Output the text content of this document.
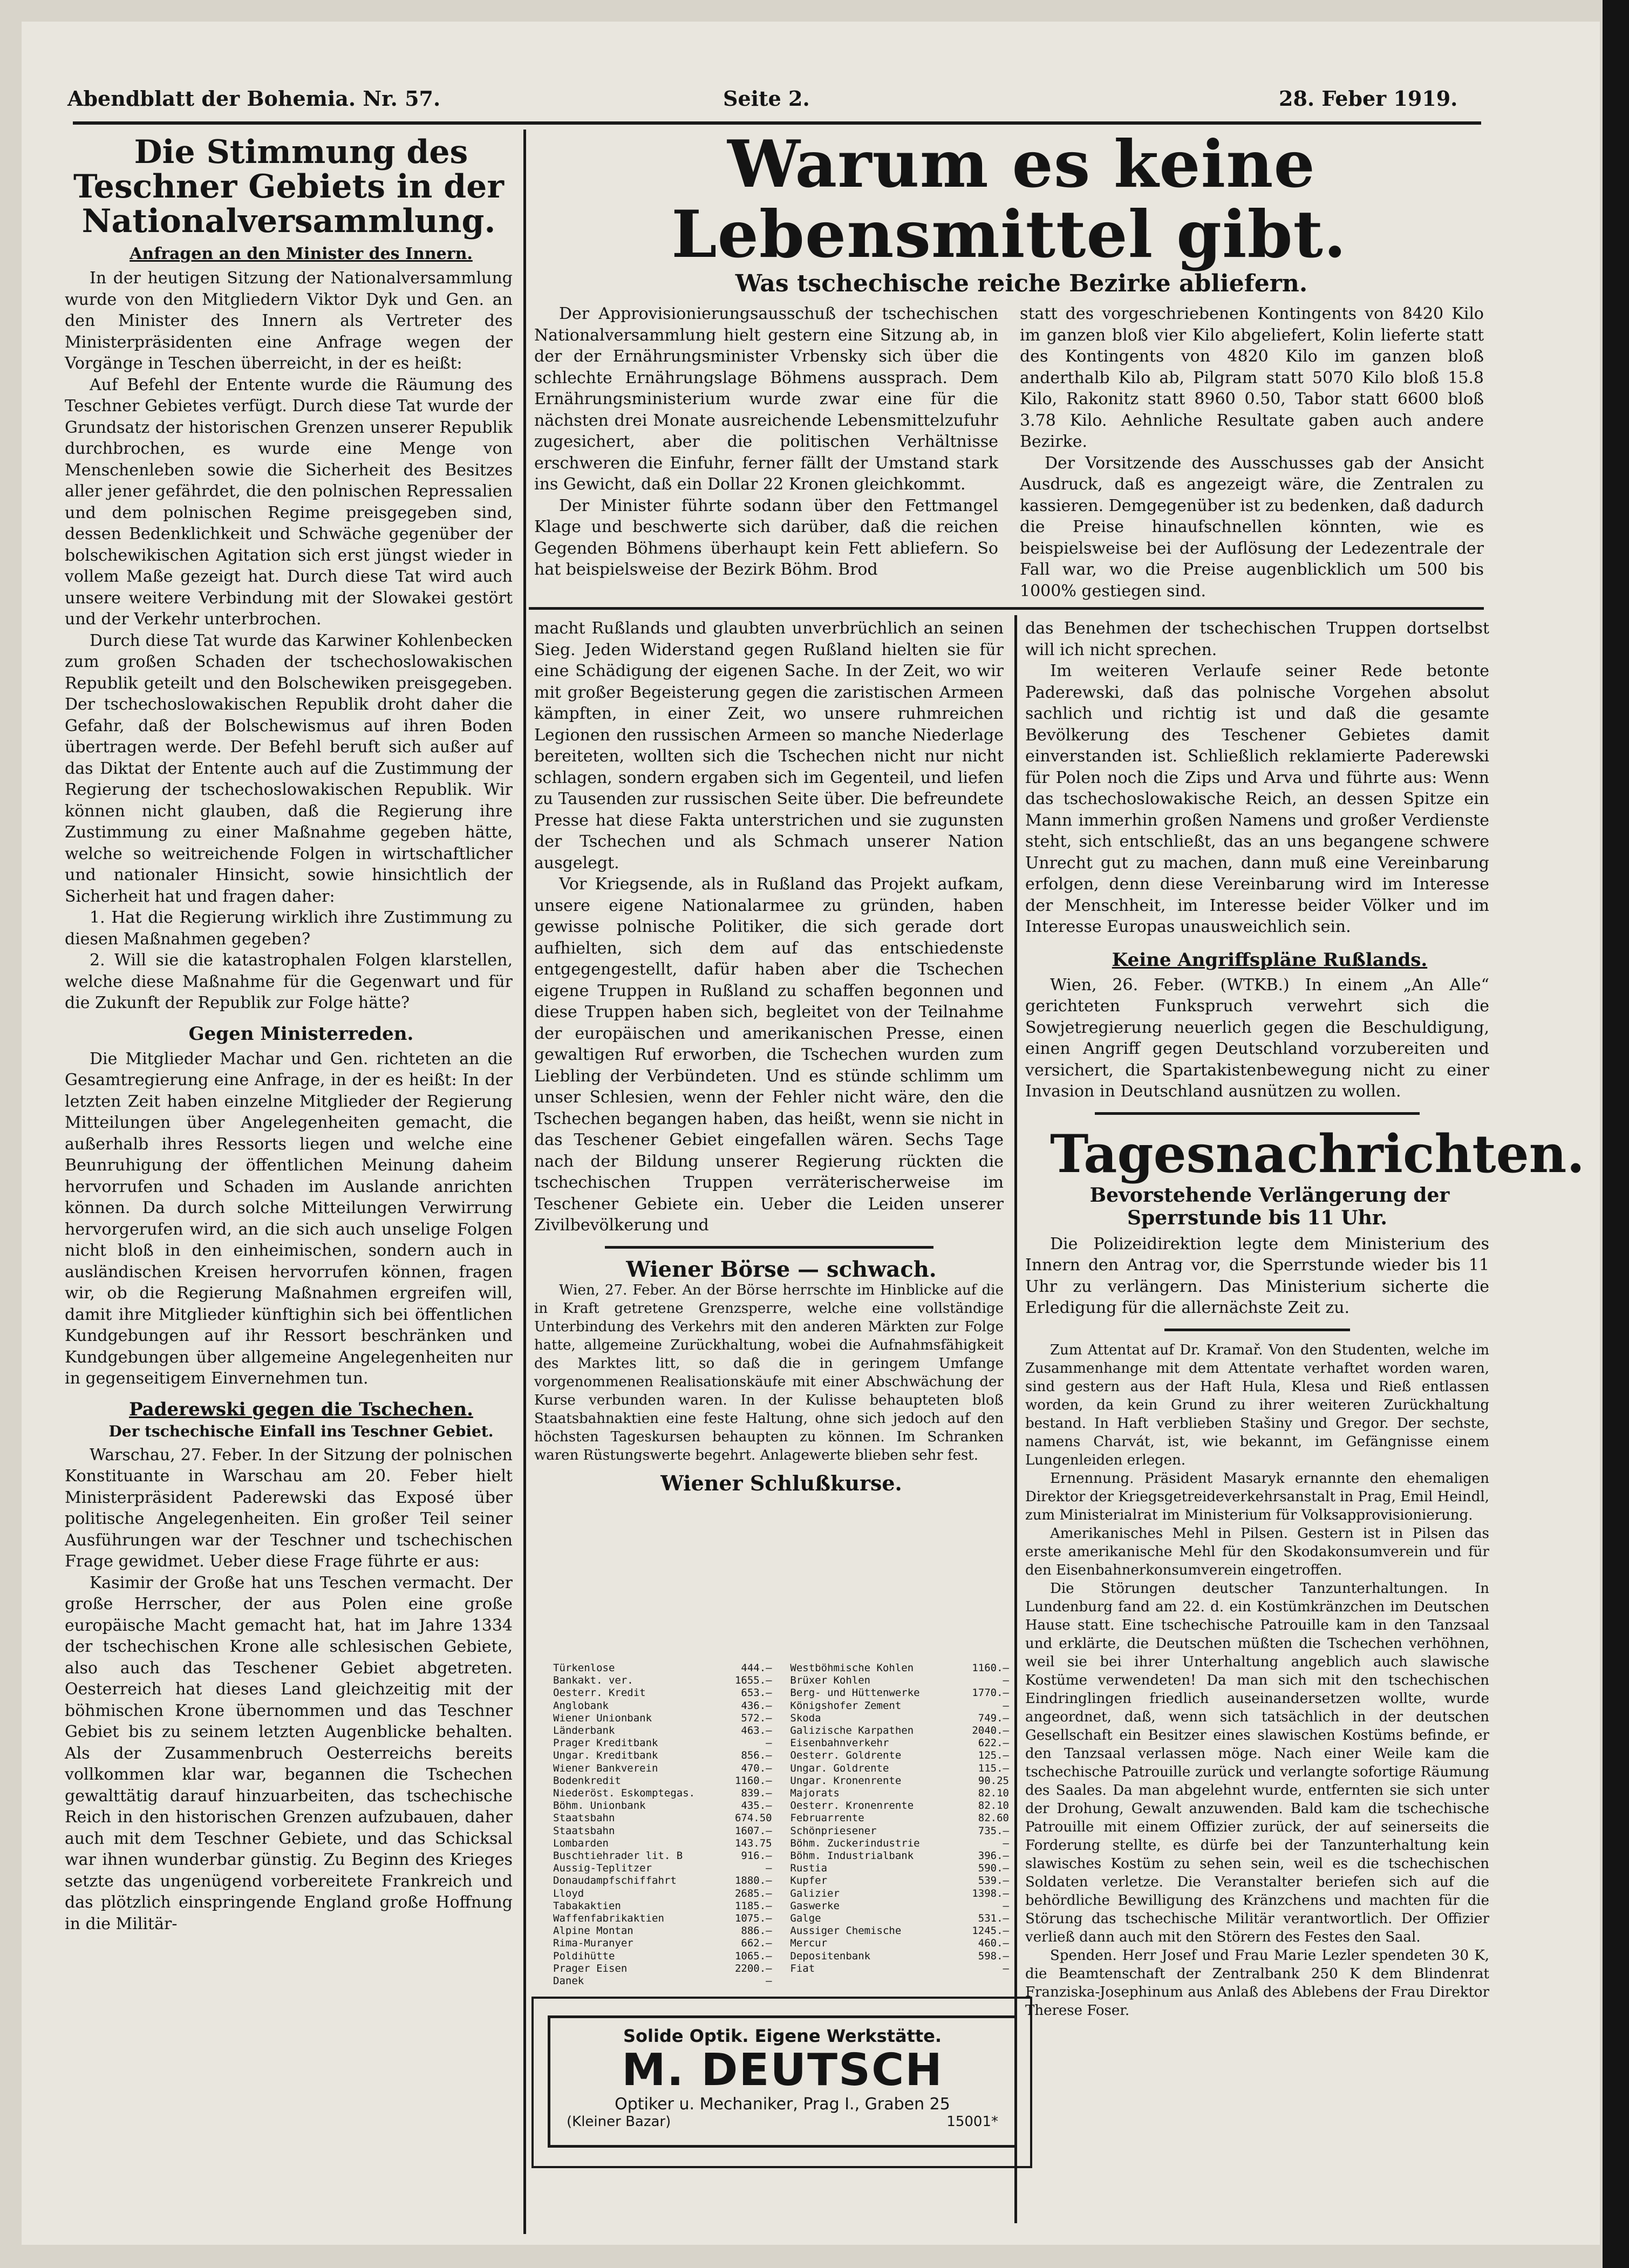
Abendblatt der Bohemia. Nr. 57.	Seite 2.	28. Feber 1919.

Die Stimmung des Teschner Gebiets in der Nationalversammlung.

Anfragen an den Minister des Innern.

In der heutigen Sitzung der Nationalversammlung wurde von den Mitgliedern Viktor Dyk und Gen. an den Minister des Innern als Vertreter des Ministerpräsidenten eine Anfrage wegen der Vorgänge in Teschen überreicht, in der es heißt:

Auf Befehl der Entente wurde die Räumung des Teschner Gebietes verfügt. Durch diese Tat wurde der Grundsatz der historischen Grenzen unserer Republik durchbrochen, es wurde eine Menge von Menschenleben sowie die Sicherheit des Besitzes aller jener gefährdet, die den polnischen Repressalien und dem polnischen Regime preisgegeben sind, dessen Bedenklichkeit und Schwäche gegenüber der bolschewikischen Agitation sich erst jüngst wieder in vollem Maße gezeigt hat. Durch diese Tat wird auch unsere weitere Verbindung mit der Slowakei gestört und der Verkehr unterbrochen.

Durch diese Tat wurde das Karwiner Kohlenbecken zum großen Schaden der tschechoslowakischen Republik geteilt und den Bolschewiken preisgegeben. Der tschechoslowakischen Republik droht daher die Gefahr, daß der Bolschewismus auf ihren Boden übertragen werde. Der Befehl beruft sich außer auf das Diktat der Entente auch auf die Zustimmung der Regierung der tschechoslowakischen Republik. Wir können nicht glauben, daß die Regierung ihre Zustimmung zu einer Maßnahme gegeben hätte, welche so weitreichende Folgen in wirtschaftlicher und nationaler Hinsicht, sowie hinsichtlich der Sicherheit hat und fragen daher:

1. Hat die Regierung wirklich ihre Zustimmung zu diesen Maßnahmen gegeben?

2. Will sie die katastrophalen Folgen klarstellen, welche diese Maßnahme für die Gegenwart und für die Zukunft der Republik zur Folge hätte?

Gegen Ministerreden.

Die Mitglieder Machar und Gen. richteten an die Gesamtregierung eine Anfrage, in der es heißt: In der letzten Zeit haben einzelne Mitglieder der Regierung Mitteilungen über Angelegenheiten gemacht, die außerhalb ihres Ressorts liegen und welche eine Beunruhigung der öffentlichen Meinung daheim hervorrufen und Schaden im Auslande anrichten können. Da durch solche Mitteilungen Verwirrung hervorgerufen wird, an die sich auch unselige Folgen nicht bloß in den einheimischen, sondern auch in ausländischen Kreisen hervorrufen können, fragen wir, ob die Regierung Maßnahmen ergreifen will, damit ihre Mitglieder künftighin sich bei öffentlichen Kundgebungen auf ihr Ressort beschränken und Kundgebungen über allgemeine Angelegenheiten nur in gegenseitigem Einvernehmen tun.

Paderewski gegen die Tschechen.

Der tschechische Einfall ins Teschner Gebiet.

Warschau, 27. Feber. In der Sitzung der polnischen Konstituante in Warschau am 20. Feber hielt Ministerpräsident Paderewski das Exposé über politische Angelegenheiten. Ein großer Teil seiner Ausführungen war der Teschner und tschechischen Frage gewidmet. Ueber diese Frage führte er aus:

Kasimir der Große hat uns Teschen vermacht. Der große Herrscher, der aus Polen eine große europäische Macht gemacht hat, hat im Jahre 1334 der tschechischen Krone alle schlesischen Gebiete, also auch das Teschener Gebiet abgetreten. Oesterreich hat dieses Land gleichzeitig mit der böhmischen Krone übernommen und das Teschner Gebiet bis zu seinem letzten Augenblicke behalten. Als der Zusammenbruch Oesterreichs bereits vollkommen klar war, begannen die Tschechen gewalttätig darauf hinzuarbeiten, das tschechische Reich in den historischen Grenzen aufzubauen, daher auch mit dem Teschner Gebiete, und das Schicksal war ihnen wunderbar günstig. Zu Beginn des Krieges setzte das ungenügend vorbereitete Frankreich und das plötzlich einspringende England große Hoffnung in die Militär-

Warum es keine Lebensmittel gibt.

Was tschechische reiche Bezirke abliefern.

Der Approvisionierungsausschuß der tschechischen Nationalversammlung hielt gestern eine Sitzung ab, in der der Ernährungsminister Vrbensky sich über die schlechte Ernährungslage Böhmens aussprach. Dem Ernährungsministerium wurde zwar eine für die nächsten drei Monate ausreichende Lebensmittelzufuhr zugesichert, aber die politischen Verhältnisse erschweren die Einfuhr, ferner fällt der Umstand stark ins Gewicht, daß ein Dollar 22 Kronen gleichkommt.

Der Minister führte sodann über den Fettmangel Klage und beschwerte sich darüber, daß die reichen Gegenden Böhmens überhaupt kein Fett abliefern. So hat beispielsweise der Bezirk Böhm. Brod

statt des vorgeschriebenen Kontingents von 8420 Kilo im ganzen bloß vier Kilo abgeliefert, Kolin lieferte statt des Kontingents von 4820 Kilo im ganzen bloß anderthalb Kilo ab, Pilgram statt 5070 Kilo bloß 15.8 Kilo, Rakonitz statt 8960 0.50, Tabor statt 6600 bloß 3.78 Kilo. Aehnliche Resultate gaben auch andere Bezirke.

Der Vorsitzende des Ausschusses gab der Ansicht Ausdruck, daß es angezeigt wäre, die Zentralen zu kassieren. Demgegenüber ist zu bedenken, daß dadurch die Preise hinaufschnellen könnten, wie es beispielsweise bei der Auflösung der Ledezentrale der Fall war, wo die Preise augenblicklich um 500 bis 1000% gestiegen sind.

macht Rußlands und glaubten unverbrüchlich an seinen Sieg. Jeden Widerstand gegen Rußland hielten sie für eine Schädigung der eigenen Sache. In der Zeit, wo wir mit großer Begeisterung gegen die zaristischen Armeen kämpften, in einer Zeit, wo unsere ruhmreichen Legionen den russischen Armeen so manche Niederlage bereiteten, wollten sich die Tschechen nicht nur nicht schlagen, sondern ergaben sich im Gegenteil, und liefen zu Tausenden zur russischen Seite über. Die befreundete Presse hat diese Fakta unterstrichen und sie zugunsten der Tschechen und als Schmach unserer Nation ausgelegt.

Vor Kriegsende, als in Rußland das Projekt aufkam, unsere eigene Nationalarmee zu gründen, haben gewisse polnische Politiker, die sich gerade dort aufhielten, sich dem auf das entschiedenste entgegengestellt, dafür haben aber die Tschechen eigene Truppen in Rußland zu schaffen begonnen und diese Truppen haben sich, begleitet von der Teilnahme der europäischen und amerikanischen Presse, einen gewaltigen Ruf erworben, die Tschechen wurden zum Liebling der Verbündeten. Und es stünde schlimm um unser Schlesien, wenn der Fehler nicht wäre, den die Tschechen begangen haben, das heißt, wenn sie nicht in das Teschener Gebiet eingefallen wären. Sechs Tage nach der Bildung unserer Regierung rückten die tschechischen Truppen verräterischerweise im Teschener Gebiete ein. Ueber die Leiden unserer Zivilbevölkerung und

Wiener Börse — schwach.

Wien, 27. Feber. An der Börse herrschte im Hinblicke auf die in Kraft getretene Grenzsperre, welche eine vollständige Unterbindung des Verkehrs mit den anderen Märkten zur Folge hatte, allgemeine Zurückhaltung, wobei die Aufnahmsfähigkeit des Marktes litt, so daß die in geringem Umfange vorgenommenen Realisationskäufe mit einer Abschwächung der Kurse verbunden waren. In der Kulisse behaupteten bloß Staatsbahnaktien eine feste Haltung, ohne sich jedoch auf den höchsten Tageskursen behaupten zu können. Im Schranken waren Rüstungswerte begehrt. Anlagewerte blieben sehr fest.

Wiener Schlußkurse.

Türkenlose	444.— Westböhmische Kohlen	1160.—
Bankakt. ver.	1655.— Brüxer Kohlen	—
Oesterr. Kredit	653.— Berg- und Hüttenwerke	1770.—
Anglobank	436.— Königshofer Zement	—
Wiener Unionbank	572.— Skoda	749.—
Länderbank	463.— Galizische Karpathen	2040.—
Prager Kreditbank	— Eisenbahnverkehr	622.—
Ungar. Kreditbank	856.— Oesterr. Goldrente	125.—
Wiener Bankverein	470.— Ungar. Goldrente	115.—
Bodenkredit	1160.— Ungar. Kronenrente	90.25
Niederöst. Eskomptegas.	839.— Majorats	82.10
Böhm. Unionbank	435.— Oesterr. Kronenrente	82.10
Staatsbahn	674.50 Februarrente	82.60
Staatsbahn	1607.— Schönpriesener	735.—
Lombarden	143.75 Böhm. Zuckerindustrie	—
Buschtiehrader lit. B	916.— Böhm. Industrialbank	396.—
Aussig-Teplitzer	— Rustia	590.—
Donaudampfschiffahrt	1880.— Kupfer	539.—
Lloyd	2685.— Galizier	1398.—
Tabakaktien	1185.— Gaswerke	—
Waffenfabrikaktien	1075.— Galge	531.—
Alpine Montan	886.— Aussiger Chemische	1245.—
Rima-Muranyer	662.— Mercur	460.—
Poldihütte	1065.— Depositenbank	598.—
Prager Eisen	2200.— Fiat	—
Danek	—
Solide Optik. Eigene Werkstätte.
M. DEUTSCH
Optiker u. Mechaniker, Prag I., Graben 25
(Kleiner Bazar)	15001*

das Benehmen der tschechischen Truppen dortselbst will ich nicht sprechen.

Im weiteren Verlaufe seiner Rede betonte Paderewski, daß das polnische Vorgehen absolut sachlich und richtig ist und daß die gesamte Bevölkerung des Teschener Gebietes damit einverstanden ist. Schließlich reklamierte Paderewski für Polen noch die Zips und Arva und führte aus: Wenn das tschechoslowakische Reich, an dessen Spitze ein Mann immerhin großen Namens und großer Verdienste steht, sich entschließt, das an uns begangene schwere Unrecht gut zu machen, dann muß eine Vereinbarung erfolgen, denn diese Vereinbarung wird im Interesse der Menschheit, im Interesse beider Völker und im Interesse Europas unausweichlich sein.

Keine Angriffspläne Rußlands.

Wien, 26. Feber. (WTKB.) In einem „An Alle“ gerichteten Funkspruch verwehrt sich die Sowjetregierung neuerlich gegen die Beschuldigung, einen Angriff gegen Deutschland vorzubereiten und versichert, die Spartakistenbewegung nicht zu einer Invasion in Deutschland ausnützen zu wollen.

Tagesnachrichten.

Bevorstehende Verlängerung der Sperrstunde bis 11 Uhr.

Die Polizeidirektion legte dem Ministerium des Innern den Antrag vor, die Sperrstunde wieder bis 11 Uhr zu verlängern. Das Ministerium sicherte die Erledigung für die allernächste Zeit zu.

Zum Attentat auf Dr. Kramař. Von den Studenten, welche im Zusammenhange mit dem Attentate verhaftet worden waren, sind gestern aus der Haft Hula, Klesa und Rieß entlassen worden, da kein Grund zu ihrer weiteren Zurückhaltung bestand. In Haft verblieben Stašiny und Gregor. Der sechste, namens Charvát, ist, wie bekannt, im Gefängnisse einem Lungenleiden erlegen.

Ernennung. Präsident Masaryk ernannte den ehemaligen Direktor der Kriegsgetreideverkehrsanstalt in Prag, Emil Heindl, zum Ministerialrat im Ministerium für Volksapprovisionierung.

Amerikanisches Mehl in Pilsen. Gestern ist in Pilsen das erste amerikanische Mehl für den Skodakonsumverein und für den Eisenbahnerkonsumverein eingetroffen.

Die Störungen deutscher Tanzunterhaltungen. In Lundenburg fand am 22. d. ein Kostümkränzchen im Deutschen Hause statt. Eine tschechische Patrouille kam in den Tanzsaal und erklärte, die Deutschen müßten die Tschechen verhöhnen, weil sie bei ihrer Unterhaltung angeblich auch slawische Kostüme verwendeten! Da man sich mit den tschechischen Eindringlingen friedlich auseinandersetzen wollte, wurde angeordnet, daß, wenn sich tatsächlich in der deutschen Gesellschaft ein Besitzer eines slawischen Kostüms befinde, er den Tanzsaal verlassen möge. Nach einer Weile kam die tschechische Patrouille zurück und verlangte sofortige Räumung des Saales. Da man abgelehnt wurde, entfernten sie sich unter der Drohung, Gewalt anzuwenden. Bald kam die tschechische Patrouille mit einem Offizier zurück, der auf seinerseits die Forderung stellte, es dürfe bei der Tanzunterhaltung kein slawisches Kostüm zu sehen sein, weil es die tschechischen Soldaten verletze. Die Veranstalter beriefen sich auf die behördliche Bewilligung des Kränzchens und machten für die Störung das tschechische Militär verantwortlich. Der Offizier verließ dann auch mit den Störern des Festes den Saal.

Spenden. Herr Josef und Frau Marie Lezler spendeten 30 K, die Beamtenschaft der Zentralbank 250 K dem Blindenrat Franziska-Josephinum aus Anlaß des Ablebens der Frau Direktor Therese Foser.
